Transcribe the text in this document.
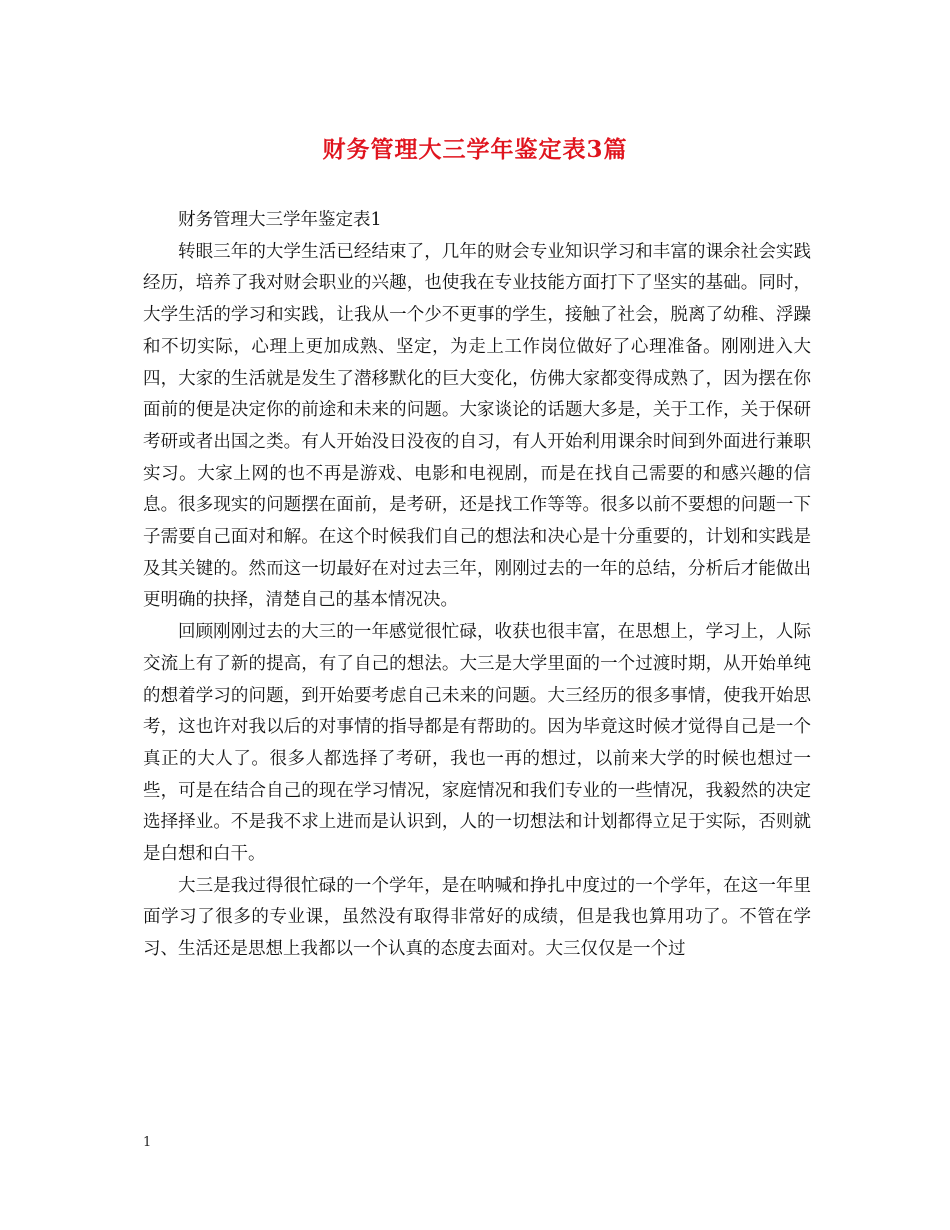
财务管理大三学年鉴定表3篇

财务管理大三学年鉴定表1

转眼三年的大学生活已经结束了，几年的财会专业知识学习和丰富的课余社会实践经历，培养了我对财会职业的兴趣，也使我在专业技能方面打下了坚实的基础。同时，大学生活的学习和实践，让我从一个少不更事的学生，接触了社会，脱离了幼稚、浮躁和不切实际，心理上更加成熟、坚定，为走上工作岗位做好了心理准备。刚刚进入大四，大家的生活就是发生了潜移默化的巨大变化，仿佛大家都变得成熟了，因为摆在你面前的便是决定你的前途和未来的问题。大家谈论的话题大多是，关于工作，关于保研考研或者出国之类。有人开始没日没夜的自习，有人开始利用课余时间到外面进行兼职实习。大家上网的也不再是游戏、电影和电视剧，而是在找自己需要的和感兴趣的信息。很多现实的问题摆在面前，是考研，还是找工作等等。很多以前不要想的问题一下子需要自己面对和解。在这个时候我们自己的想法和决心是十分重要的，计划和实践是及其关键的。然而这一切最好在对过去三年，刚刚过去的一年的总结，分析后才能做出更明确的抉择，清楚自己的基本情况决。

回顾刚刚过去的大三的一年感觉很忙碌，收获也很丰富，在思想上，学习上，人际交流上有了新的提高，有了自己的想法。大三是大学里面的一个过渡时期，从开始单纯的想着学习的问题，到开始要考虑自己未来的问题。大三经历的很多事情，使我开始思考，这也许对我以后的对事情的指导都是有帮助的。因为毕竟这时候才觉得自己是一个真正的大人了。很多人都选择了考研，我也一再的想过，以前来大学的时候也想过一些，可是在结合自己的现在学习情况，家庭情况和我们专业的一些情况，我毅然的决定选择择业。不是我不求上进而是认识到，人的一切想法和计划都得立足于实际，否则就是白想和白干。

大三是我过得很忙碌的一个学年，是在呐喊和挣扎中度过的一个学年，在这一年里面学习了很多的专业课，虽然没有取得非常好的成绩，但是我也算用功了。不管在学习、生活还是思想上我都以一个认真的态度去面对。大三仅仅是一个过

1
